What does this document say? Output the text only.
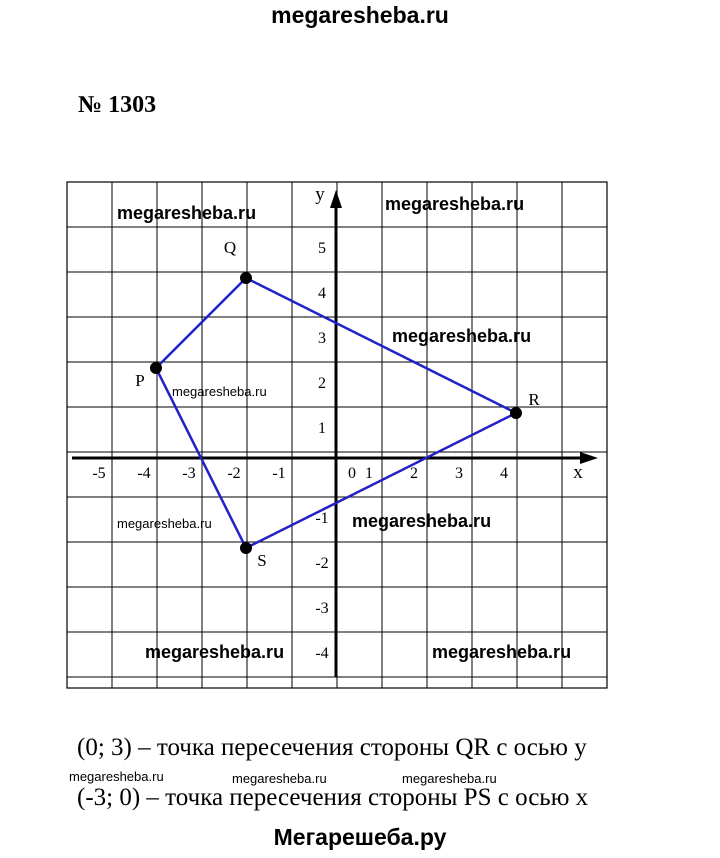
megaresheba.ru
№ 1303
x
y
-5 -4 -3 -2 -1	0 1 2 3 4
5
4
3
2
1
-1
-2
-3
-4
Q
R
S
P
megaresheba.ru	megaresheba.ru
megaresheba.ru
megaresheba.ru
megaresheba.ru	megaresheba.ru
megaresheba.ru	megaresheba.ru
(0; 3) – точка пересечения стороны QR с осью y
megaresheba.ru	megaresheba.ru	megaresheba.ru
(-3; 0) – точка пересечения стороны PS с осью x
Мегарешеба.ру
